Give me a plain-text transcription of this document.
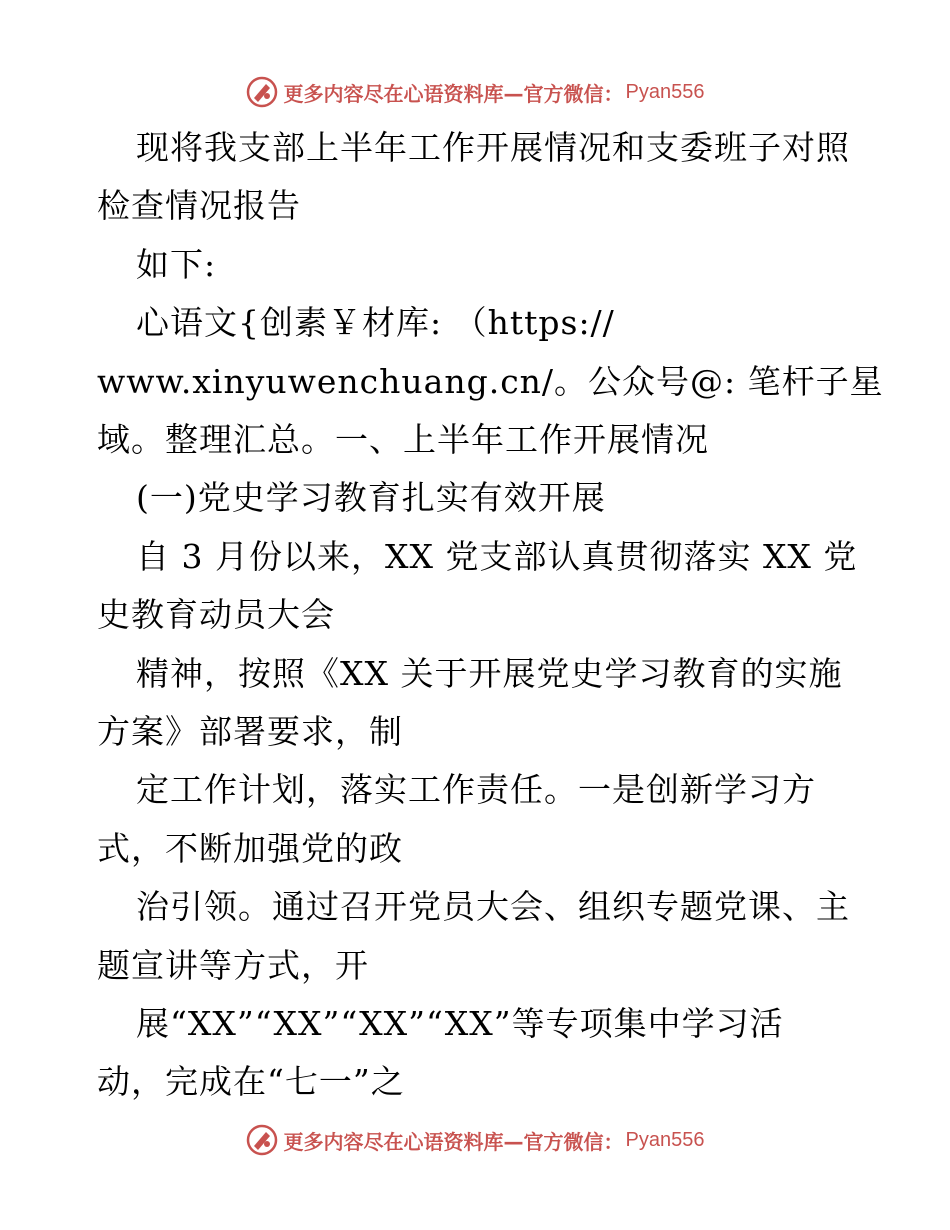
更多内容尽在心语资料库—官方微信： Pyan556
现将我支部上半年工作开展情况和支委班子对照
检查情况报告
如下:
心语文{创素￥材库: （https://
www.xinyuwenchuang.cn/。公众号@: 笔杆子星
域。整理汇总。一、上半年工作开展情况
(一)党史学习教育扎实有效开展
自 3 月份以来，XX 党支部认真贯彻落实 XX 党
史教育动员大会
精神，按照《XX 关于开展党史学习教育的实施
方案》部署要求，制
定工作计划，落实工作责任。一是创新学习方
式，不断加强党的政
治引领。通过召开党员大会、组织专题党课、主
题宣讲等方式，开
展“XX”“XX”“XX”“XX”等专项集中学习活
动，完成在“七一”之
更多内容尽在心语资料库—官方微信： Pyan556
